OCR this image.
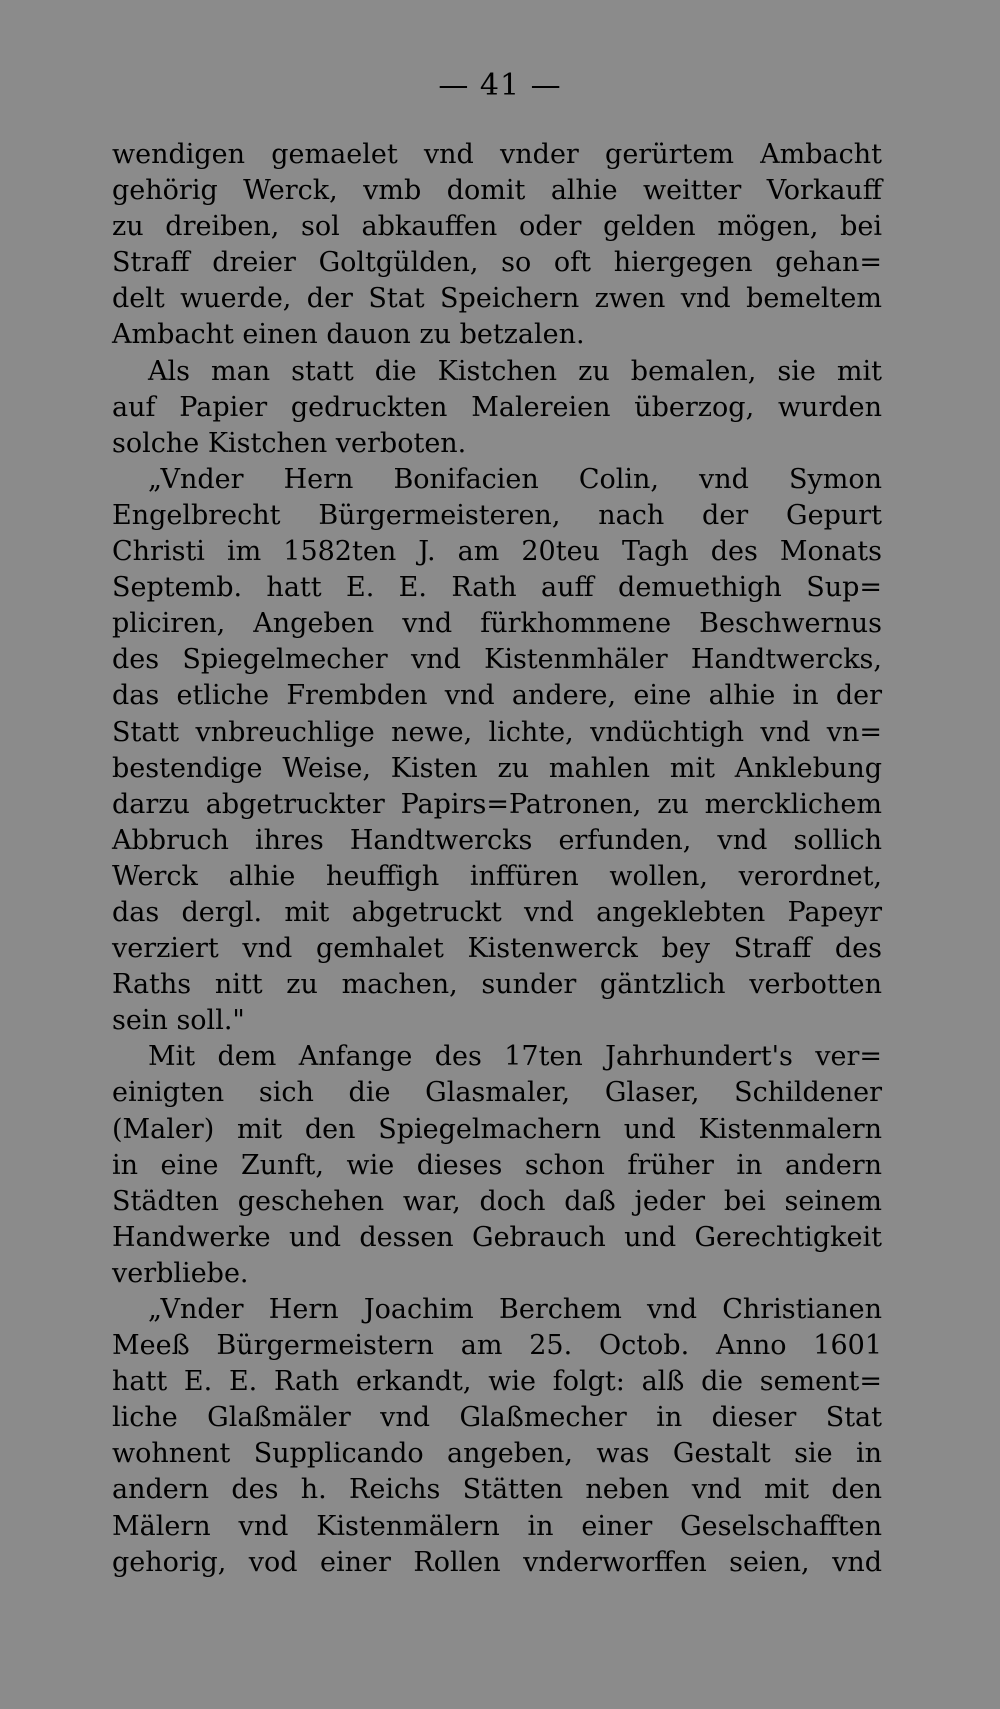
— 41 —
wendigen gemaelet vnd vnder gerürtem Ambacht
gehörig Werck, vmb domit alhie weitter Vorkauff
zu dreiben, sol abkauffen oder gelden mögen, bei
Straff dreier Goltgülden, so oft hiergegen gehan=
delt wuerde, der Stat Speichern zwen vnd bemeltem
Ambacht einen dauon zu betzalen.
Als man statt die Kistchen zu bemalen, sie mit
auf Papier gedruckten Malereien überzog, wurden
solche Kistchen verboten.
„Vnder Hern Bonifacien Colin, vnd Symon
Engelbrecht Bürgermeisteren, nach der Gepurt
Christi im 1582ten J. am 20teu Tagh des Monats
Septemb. hatt E. E. Rath auff demuethigh Sup=
pliciren, Angeben vnd fürkhommene Beschwernus
des Spiegelmecher vnd Kistenmhäler Handtwercks,
das etliche Frembden vnd andere, eine alhie in der
Statt vnbreuchlige newe, lichte, vndüchtigh vnd vn=
bestendige Weise, Kisten zu mahlen mit Anklebung
darzu abgetruckter Papirs=Patronen, zu mercklichem
Abbruch ihres Handtwercks erfunden, vnd sollich
Werck alhie heuffigh inffüren wollen, verordnet,
das dergl. mit abgetruckt vnd angeklebten Papeyr
verziert vnd gemhalet Kistenwerck bey Straff des
Raths nitt zu machen, sunder gäntzlich verbotten
sein soll."
Mit dem Anfange des 17ten Jahrhundert's ver=
einigten sich die Glasmaler, Glaser, Schildener
(Maler) mit den Spiegelmachern und Kistenmalern
in eine Zunft, wie dieses schon früher in andern
Städten geschehen war, doch daß jeder bei seinem
Handwerke und dessen Gebrauch und Gerechtigkeit
verbliebe.
„Vnder Hern Joachim Berchem vnd Christianen
Meeß Bürgermeistern am 25. Octob. Anno 1601
hatt E. E. Rath erkandt, wie folgt: alß die sement=
liche Glaßmäler vnd Glaßmecher in dieser Stat
wohnent Supplicando angeben, was Gestalt sie in
andern des h. Reichs Stätten neben vnd mit den
Mälern vnd Kistenmälern in einer Geselschafften
gehorig, vod einer Rollen vnderworffen seien, vnd
